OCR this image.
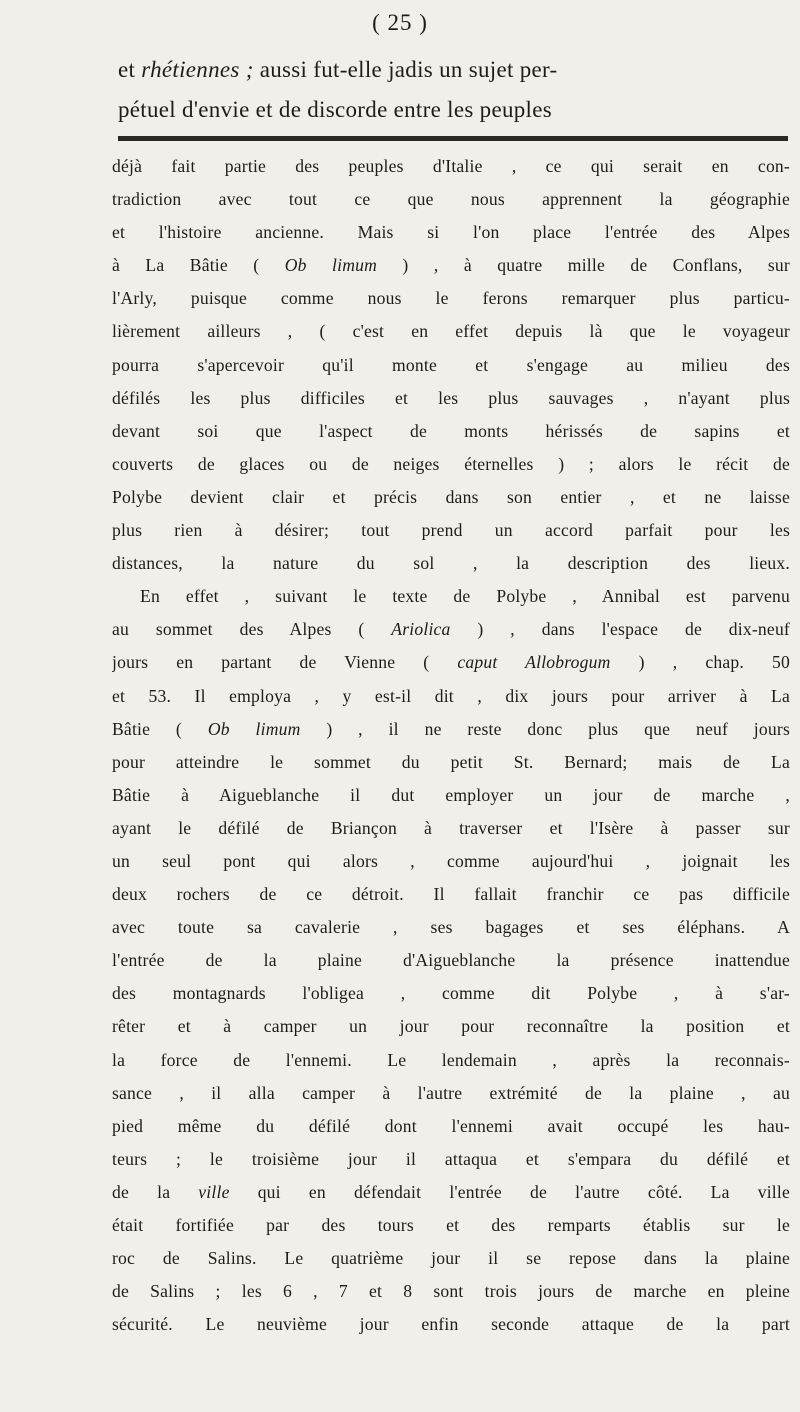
( 25 )
et rhétiennes ; aussi fut-elle jadis un sujet per-
pétuel d'envie et de discorde entre les peuples
déjà fait partie des peuples d'Italie , ce qui serait en con-
tradiction avec tout ce que nous apprennent la géographie
et l'histoire ancienne. Mais si l'on place l'entrée des Alpes
à La Bâtie ( Ob limum ) , à quatre mille de Conflans, sur
l'Arly, puisque comme nous le ferons remarquer plus particu-
lièrement ailleurs , ( c'est en effet depuis là que le voyageur
pourra s'apercevoir qu'il monte et s'engage au milieu des
défilés les plus difficiles et les plus sauvages , n'ayant plus
devant soi que l'aspect de monts hérissés de sapins et
couverts de glaces ou de neiges éternelles ) ; alors le récit de
Polybe devient clair et précis dans son entier , et ne laisse
plus rien à désirer; tout prend un accord parfait pour les
distances, la nature du sol , la description des lieux.
En effet , suivant le texte de Polybe , Annibal est parvenu
au sommet des Alpes ( Ariolica ) , dans l'espace de dix-neuf
jours en partant de Vienne ( caput Allobrogum ) , chap. 50
et 53. Il employa , y est-il dit , dix jours pour arriver à La
Bâtie ( Ob limum ) , il ne reste donc plus que neuf jours
pour atteindre le sommet du petit St. Bernard; mais de La
Bâtie à Aigueblanche il dut employer un jour de marche ,
ayant le défilé de Briançon à traverser et l'Isère à passer sur
un seul pont qui alors , comme aujourd'hui , joignait les
deux rochers de ce détroit. Il fallait franchir ce pas difficile
avec toute sa cavalerie , ses bagages et ses éléphans. A
l'entrée de la plaine d'Aigueblanche la présence inattendue
des montagnards l'obligea , comme dit Polybe , à s'ar-
rêter et à camper un jour pour reconnaître la position et
la force de l'ennemi. Le lendemain , après la reconnais-
sance , il alla camper à l'autre extrémité de la plaine , au
pied même du défilé dont l'ennemi avait occupé les hau-
teurs ; le troisième jour il attaqua et s'empara du défilé et
de la ville qui en défendait l'entrée de l'autre côté. La ville
était fortifiée par des tours et des remparts établis sur le
roc de Salins. Le quatrième jour il se repose dans la plaine
de Salins ; les 6 , 7 et 8 sont trois jours de marche en pleine
sécurité. Le neuvième jour enfin seconde attaque de la part
